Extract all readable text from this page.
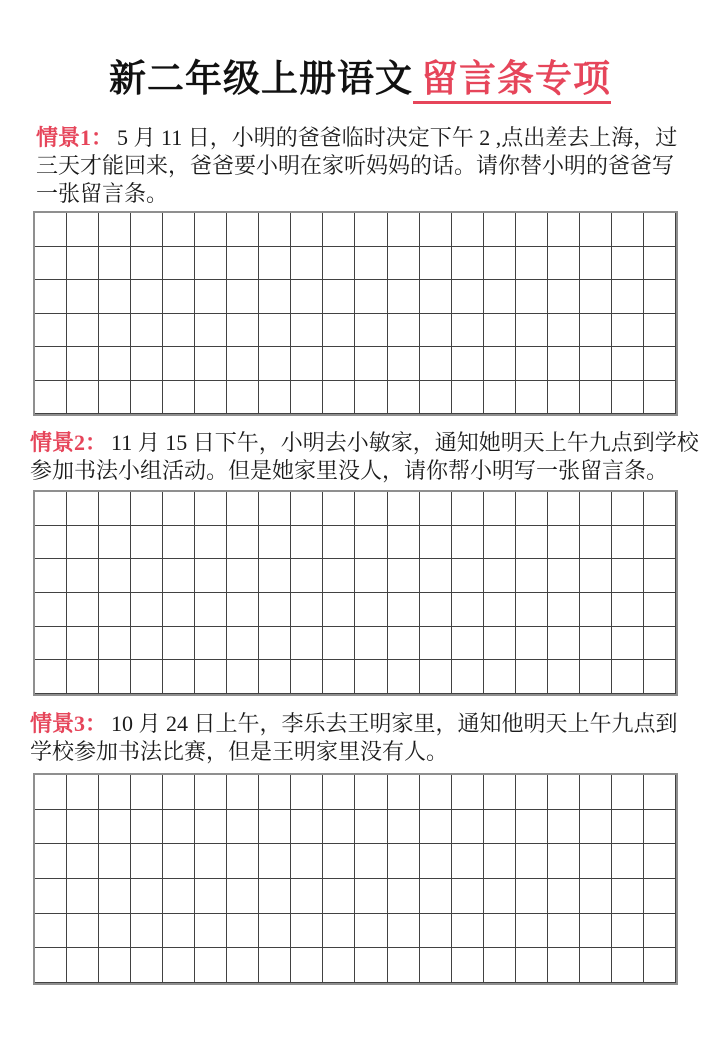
新二年级上册语文 留言条专项
情景1： 5 月 11 日，小明的爸爸临时决定下午 2 ,点出差去上海，过
三天才能回来，爸爸要小明在家听妈妈的话。请你替小明的爸爸写
一张留言条。
情景2： 11 月 15 日下午，小明去小敏家，通知她明天上午九点到学校
参加书法小组活动。但是她家里没人，请你帮小明写一张留言条。
情景3： 10 月 24 日上午，李乐去王明家里，通知他明天上午九点到
学校参加书法比赛，但是王明家里没有人。
